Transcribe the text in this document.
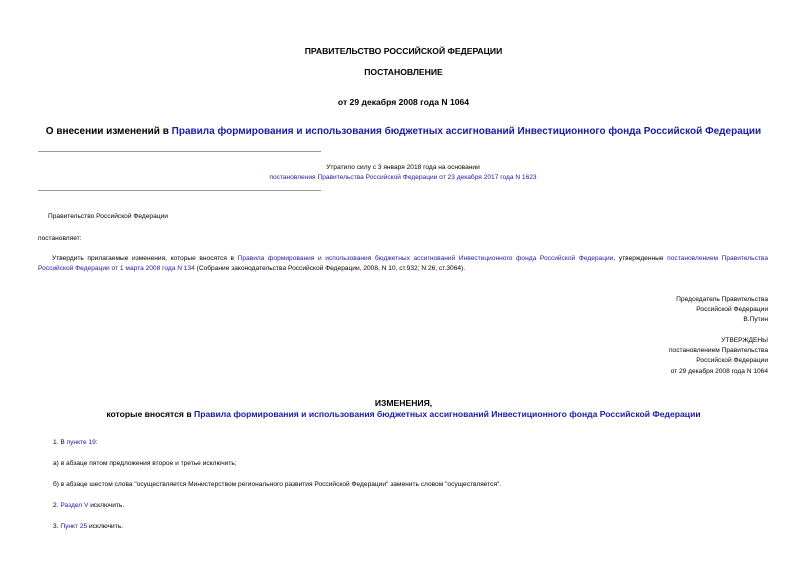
ПРАВИТЕЛЬСТВО РОССИЙСКОЙ ФЕДЕРАЦИИ
ПОСТАНОВЛЕНИЕ
от 29 декабря 2008 года N 1064
О внесении изменений в Правила формирования и использования бюджетных ассигнований Инвестиционного фонда Российской Федерации
Утратило силу с 3 января 2018 года на основании
постановления Правительства Российской Федерации от 23 декабря 2017 года N 1623
Правительство Российской Федерации
постановляет:
Утвердить прилагаемые изменения, которые вносятся в Правила формирования и использования бюджетных ассигнований Инвестиционного фонда Российской Федерации, утвержденные постановлением Правительства Российской Федерации от 1 марта 2008 года N 134 (Собрание законодательства Российской Федерации, 2008, N 10, ст.932; N 26, ст.3064).
Председатель Правительства
Российской Федерации
В.Путин
УТВЕРЖДЕНЫ
постановлением Правительства
Российской Федерации
от 29 декабря 2008 года N 1064
ИЗМЕНЕНИЯ,
которые вносятся в Правила формирования и использования бюджетных ассигнований Инвестиционного фонда Российской Федерации
1. В пункте 19:
а) в абзаце пятом предложения второе и третье исключить;
б) в абзаце шестом слова "осуществляется Министерством регионального развития Российской Федерации" заменить словом "осуществляется".
2. Раздел V исключить.
3. Пункт 25 исключить.
